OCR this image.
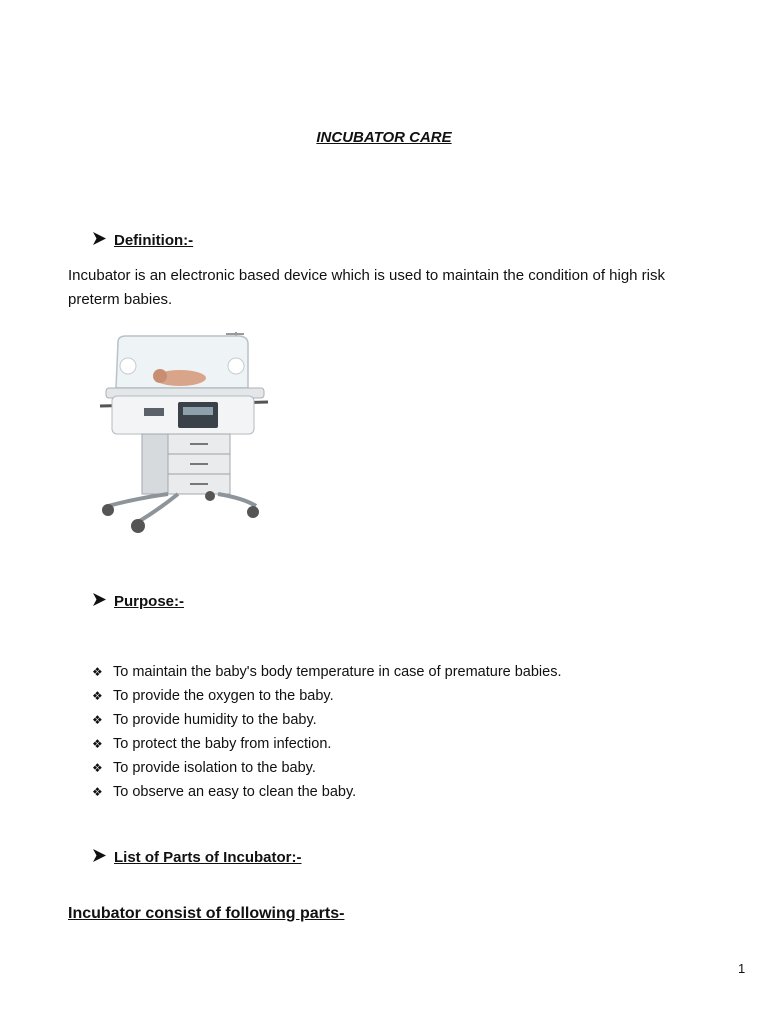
INCUBATOR CARE
Definition:-
Incubator is an electronic based device which is used to maintain the condition of high risk preterm babies.
Purpose:-
❖ To maintain the baby's body temperature in case of premature babies.
❖ To provide the oxygen to the baby.
❖ To provide humidity to the baby.
❖ To protect the baby from infection.
❖ To provide isolation to the baby.
❖ To observe an easy to clean the baby.
List of Parts of Incubator:-
Incubator consist of following parts-
1
